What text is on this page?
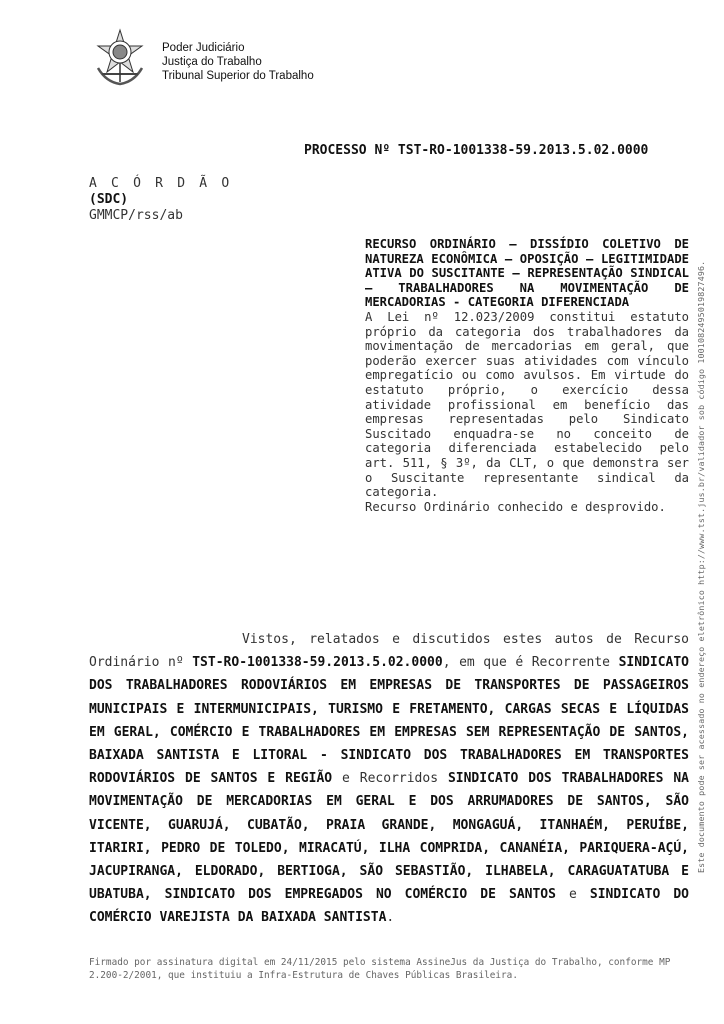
Poder Judiciário
Justiça do Trabalho
Tribunal Superior do Trabalho
PROCESSO Nº TST-RO-1001338-59.2013.5.02.0000
A C Ó R D Ã O
(SDC)
GMMCP/rss/ab
RECURSO ORDINÁRIO – DISSÍDIO COLETIVO DE NATUREZA ECONÔMICA – OPOSIÇÃO – LEGITIMIDADE ATIVA DO SUSCITANTE – REPRESENTAÇÃO SINDICAL – TRABALHADORES NA MOVIMENTAÇÃO DE MERCADORIAS - CATEGORIA DIFERENCIADA
A Lei nº 12.023/2009 constitui estatuto próprio da categoria dos trabalhadores da movimentação de mercadorias em geral, que poderão exercer suas atividades com vínculo empregatício ou como avulsos. Em virtude do estatuto próprio, o exercício dessa atividade profissional em benefício das empresas representadas pelo Sindicato Suscitado enquadra-se no conceito de categoria diferenciada estabelecido pelo art. 511, § 3º, da CLT, o que demonstra ser o Suscitante representante sindical da categoria.
Recurso Ordinário conhecido e desprovido.
Vistos, relatados e discutidos estes autos de Recurso Ordinário nº TST-RO-1001338-59.2013.5.02.0000, em que é Recorrente SINDICATO DOS TRABALHADORES RODOVIÁRIOS EM EMPRESAS DE TRANSPORTES DE PASSAGEIROS MUNICIPAIS E INTERMUNICIPAIS, TURISMO E FRETAMENTO, CARGAS SECAS E LÍQUIDAS EM GERAL, COMÉRCIO E TRABALHADORES EM EMPRESAS SEM REPRESENTAÇÃO DE SANTOS, BAIXADA SANTISTA E LITORAL - SINDICATO DOS TRABALHADORES EM TRANSPORTES RODOVIÁRIOS DE SANTOS E REGIÃO e Recorridos SINDICATO DOS TRABALHADORES NA MOVIMENTAÇÃO DE MERCADORIAS EM GERAL E DOS ARRUMADORES DE SANTOS, SÃO VICENTE, GUARUJÁ, CUBATÃO, PRAIA GRANDE, MONGAGUÁ, ITANHAÉM, PERUÍBE, ITARIRI, PEDRO DE TOLEDO, MIRACATÚ, ILHA COMPRIDA, CANANÉIA, PARIQUERA-AÇÚ, JACUPIRANGA, ELDORADO, BERTIOGA, SÃO SEBASTIÃO, ILHABELA, CARAGUATATUBA E UBATUBA, SINDICATO DOS EMPREGADOS NO COMÉRCIO DE SANTOS e SINDICATO DO COMÉRCIO VAREJISTA DA BAIXADA SANTISTA.
Este documento pode ser acessado no endereço eletrônico http://www.tst.jus.br/validador sob código 1001082495019827496.
Firmado por assinatura digital em 24/11/2015 pelo sistema AssineJus da Justiça do Trabalho, conforme MP 2.200-2/2001, que instituiu a Infra-Estrutura de Chaves Públicas Brasileira.
